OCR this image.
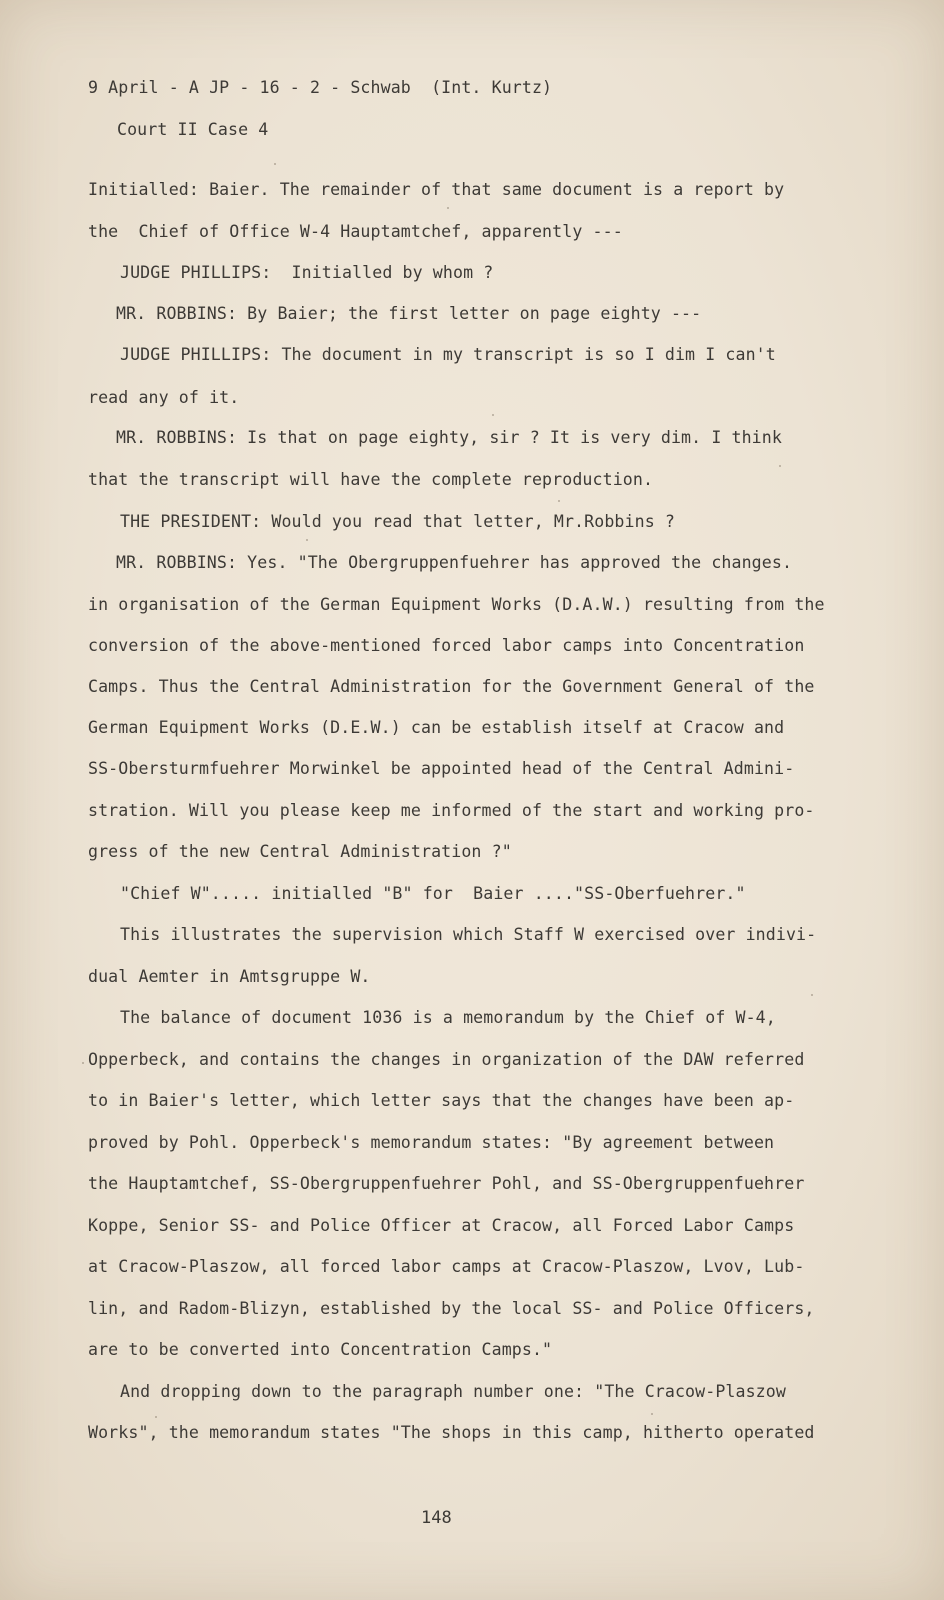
9 April - A JP - 16 - 2 - Schwab  (Int. Kurtz)
Court II Case 4
Initialled: Baier. The remainder of that same document is a report by
the  Chief of Office W-4 Hauptamtchef, apparently ---
JUDGE PHILLIPS:  Initialled by whom ?
MR. ROBBINS: By Baier; the first letter on page eighty ---
JUDGE PHILLIPS: The document in my transcript is so I dim I can't
read any of it.
MR. ROBBINS: Is that on page eighty, sir ? It is very dim. I think
that the transcript will have the complete reproduction.
THE PRESIDENT: Would you read that letter, Mr.Robbins ?
MR. ROBBINS: Yes. "The Obergruppenfuehrer has approved the changes.
in organisation of the German Equipment Works (D.A.W.) resulting from the
conversion of the above-mentioned forced labor camps into Concentration
Camps. Thus the Central Administration for the Government General of the
German Equipment Works (D.E.W.) can be establish itself at Cracow and
SS-Obersturmfuehrer Morwinkel be appointed head of the Central Admini-
stration. Will you please keep me informed of the start and working pro-
gress of the new Central Administration ?"
"Chief W"..... initialled "B" for  Baier ...."SS-Oberfuehrer."
This illustrates the supervision which Staff W exercised over indivi-
dual Aemter in Amtsgruppe W.
The balance of document 1036 is a memorandum by the Chief of W-4,
Opperbeck, and contains the changes in organization of the DAW referred
to in Baier's letter, which letter says that the changes have been ap-
proved by Pohl. Opperbeck's memorandum states: "By agreement between
the Hauptamtchef, SS-Obergruppenfuehrer Pohl, and SS-Obergruppenfuehrer
Koppe, Senior SS- and Police Officer at Cracow, all Forced Labor Camps
at Cracow-Plaszow, all forced labor camps at Cracow-Plaszow, Lvov, Lub-
lin, and Radom-Blizyn, established by the local SS- and Police Officers,
are to be converted into Concentration Camps."
And dropping down to the paragraph number one: "The Cracow-Plaszow
Works", the memorandum states "The shops in this camp, hitherto operated
148
